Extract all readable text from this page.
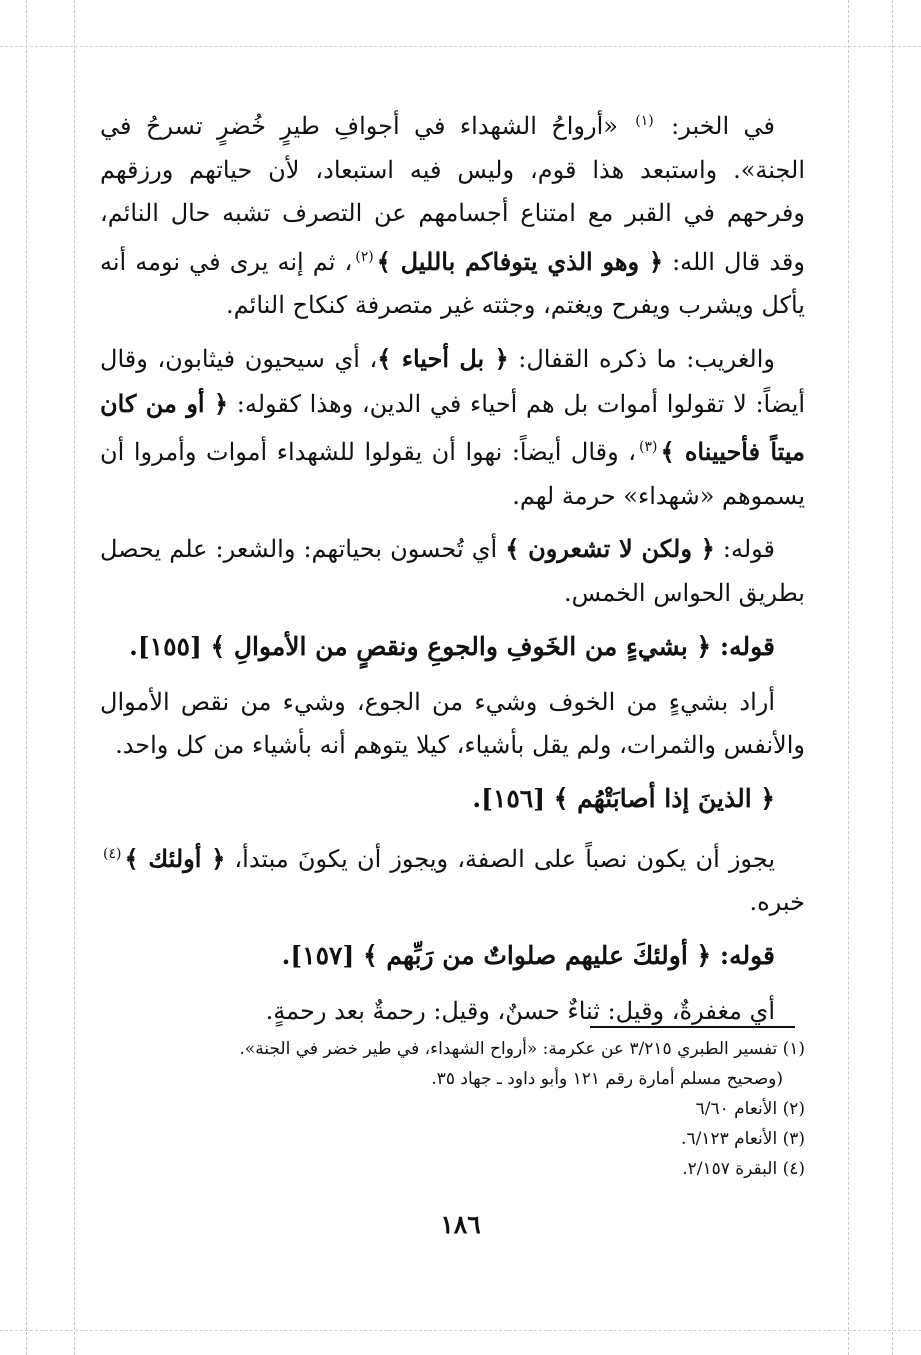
في الخبر: $^{(١)}$ «أرواحُ الشهداء في أجوافِ طيرٍ خُضرٍ تسرحُ في الجنة». واستبعد هذا قوم، وليس فيه استبعاد، لأن حياتهم ورزقهم وفرحهم في القبر مع امتناع أجسامهم عن التصرف تشبه حال النائم، وقد قال الله: ﴿ وهو الذي يتوفاكم بالليل ﴾$^{(٢)}$، ثم إنه يرى في نومه أنه يأكل ويشرب ويفرح ويغتم، وجثته غير متصرفة كنكاح النائم.

والغريب: ما ذكره القفال: ﴿ بل أحياء ﴾، أي سيحيون فيثابون، وقال أيضاً: لا تقولوا أموات بل هم أحياء في الدين، وهذا كقوله: ﴿ أو من كان ميتاً فأحييناه ﴾$^{(٣)}$، وقال أيضاً: نهوا أن يقولوا للشهداء أموات وأمروا أن يسموهم «شهداء» حرمة لهم.

قوله: ﴿ ولكن لا تشعرون ﴾ أي تُحسون بحياتهم: والشعر: علم يحصل بطريق الحواس الخمس.

قوله: ﴿ بشيءٍ من الخَوفِ والجوعِ ونقصٍ من الأموالِ ﴾ [١٥٥].

أراد بشيءٍ من الخوف وشيء من الجوع، وشيء من نقص الأموال والأنفس والثمرات، ولم يقل بأشياء، كيلا يتوهم أنه بأشياء من كل واحد.

﴿ الذينَ إذا أصابَتْهُم ﴾ [١٥٦].

يجوز أن يكون نصباً على الصفة، ويجوز أن يكونَ مبتدأ، ﴿ أولئك ﴾$^{(٤)}$ خبره.

قوله: ﴿ أولئكَ عليهم صلواتٌ من رَبِّهم ﴾ [١٥٧].

أي مغفرةٌ، وقيل: ثناءٌ حسنٌ، وقيل: رحمةٌ بعد رحمةٍ.

(١) تفسير الطبري ٣/٢١٥ عن عكرمة: «أرواح الشهداء، في طير خضر في الجنة».
(وصحيح مسلم أمارة رقم ١٢١ وأبو داود ـ جهاد ٣٥.
(٢) الأنعام ٦/٦٠
(٣) الأنعام ٦/١٢٣.
(٤) البقرة ٢/١٥٧.
١٨٦
